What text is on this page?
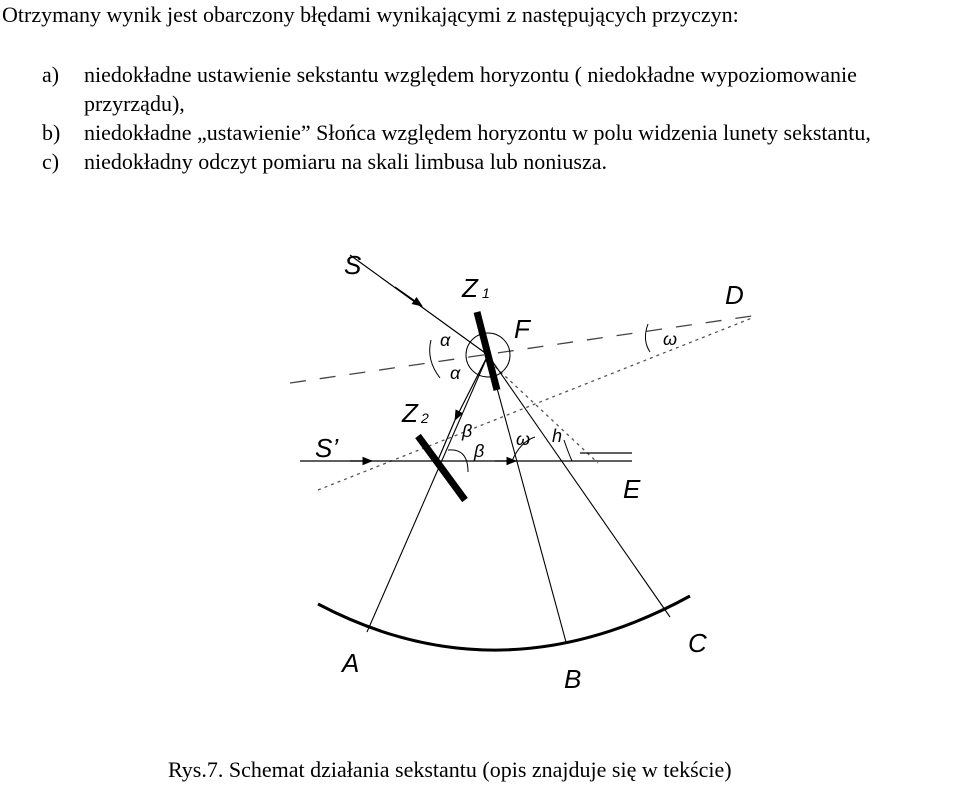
Otrzymany wynik jest obarczony błędami wynikającymi z następujących przyczyn:
a) niedokładne ustawienie sekstantu względem horyzontu ( niedokładne wypoziomowanie przyrządu),
b) niedokładne „ustawienie” Słońca względem horyzontu w polu widzenia lunety sekstantu,
c) niedokładny odczyt pomiaru na skali limbusa lub noniusza.
S
S’
Z 1
Z 2
F
D
E
A
B
C
h
α
α
β
β
ω
ω
Rys.7. Schemat działania sekstantu (opis znajduje się w tekście)
